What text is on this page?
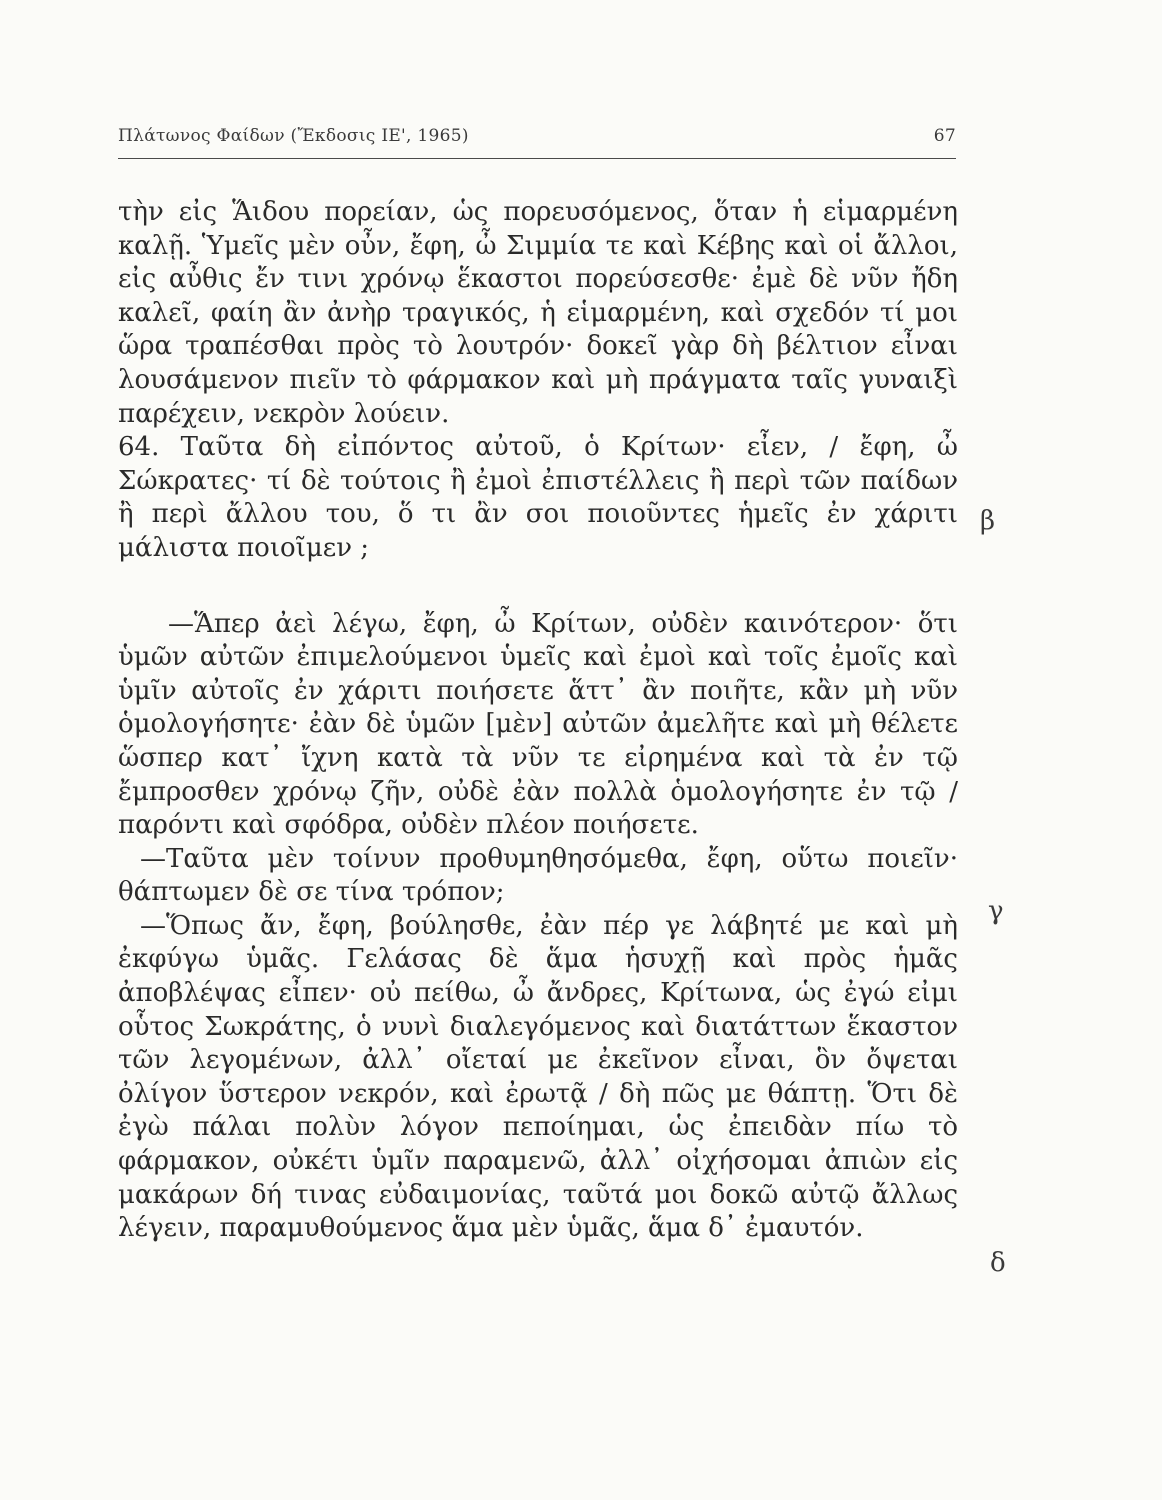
Πλάτωνος Φαίδων (Ἔκδοσις ΙΕ', 1965)	67

τὴν εἰς Ἅιδου πορείαν, ὡς πορευσόμενος, ὅταν ἡ εἱμαρμένη καλῇ. Ὑμεῖς μὲν οὖν, ἔφη, ὦ Σιμμία τε καὶ Κέβης καὶ οἱ ἄλλοι, εἰς αὖθις ἔν τινι χρόνῳ ἕκαστοι πορεύσεσθε· ἐμὲ δὲ νῦν ἤδη καλεῖ, φαίη ἂν ἀνὴρ τραγικός, ἡ εἱμαρμένη, καὶ σχεδόν τί μοι ὥρα τραπέσθαι πρὸς τὸ λουτρόν· δοκεῖ γὰρ δὴ βέλτιον εἶναι λουσάμενον πιεῖν τὸ φάρμακον καὶ μὴ πράγματα ταῖς γυναιξὶ παρέχειν, νεκρὸν λούειν.

64. Ταῦτα δὴ εἰπόντος αὐτοῦ, ὁ Κρίτων· εἶεν, / ἔφη, ὦ Σώκρατες· τί δὲ τούτοις ἢ ἐμοὶ ἐπιστέλλεις ἢ περὶ τῶν παίδων ἢ περὶ ἄλλου του, ὅ τι ἂν σοι ποιοῦντες ἡμεῖς ἐν χάριτι μάλιστα ποιοῖμεν ;

—Ἅπερ ἀεὶ λέγω, ἔφη, ὦ Κρίτων, οὐδὲν καινότερον· ὅτι ὑμῶν αὐτῶν ἐπιμελούμενοι ὑμεῖς καὶ ἐμοὶ καὶ τοῖς ἐμοῖς καὶ ὑμῖν αὐτοῖς ἐν χάριτι ποιήσετε ἅττ᾽ ἂν ποιῆτε, κἂν μὴ νῦν ὁμολογήσητε· ἐὰν δὲ ὑμῶν [μὲν] αὐτῶν ἀμελῆτε καὶ μὴ θέλετε ὥσπερ κατ᾽ ἴχνη κατὰ τὰ νῦν τε εἰρημένα καὶ τὰ ἐν τῷ ἔμπροσθεν χρόνῳ ζῆν, οὐδὲ ἐὰν πολλὰ ὁμολογήσητε ἐν τῷ / παρόντι καὶ σφόδρα, οὐδὲν πλέον ποιήσετε.

—Ταῦτα μὲν τοίνυν προθυμηθησόμεθα, ἔφη, οὕτω ποιεῖν· θάπτωμεν δὲ σε τίνα τρόπον;

—Ὅπως ἄν, ἔφη, βούλησθε, ἐὰν πέρ γε λάβητέ με καὶ μὴ ἐκφύγω ὑμᾶς. Γελάσας δὲ ἅμα ἡσυχῇ καὶ πρὸς ἡμᾶς ἀποβλέψας εἶπεν· οὐ πείθω, ὦ ἄνδρες, Κρίτωνα, ὡς ἐγώ εἰμι οὗτος Σωκράτης, ὁ νυνὶ διαλεγόμενος καὶ διατάττων ἕκαστον τῶν λεγομένων, ἀλλ᾽ οἴεταί με ἐκεῖνον εἶναι, ὃν ὄψεται ὀλίγον ὕστερον νεκρόν, καὶ ἐρωτᾷ / δὴ πῶς με θάπτῃ. Ὅτι δὲ ἐγὼ πάλαι πολὺν λόγον πεποίημαι, ὡς ἐπειδὰν πίω τὸ φάρμακον, οὐκέτι ὑμῖν παραμενῶ, ἀλλ᾽ οἰχήσομαι ἀπιὼν εἰς μακάρων δή τινας εὐδαιμονίας, ταῦτά μοι δοκῶ αὐτῷ ἄλλως λέγειν, παραμυθούμενος ἅμα μὲν ὑμᾶς, ἅμα δ᾽ ἐμαυτόν.

β
γ
δ
